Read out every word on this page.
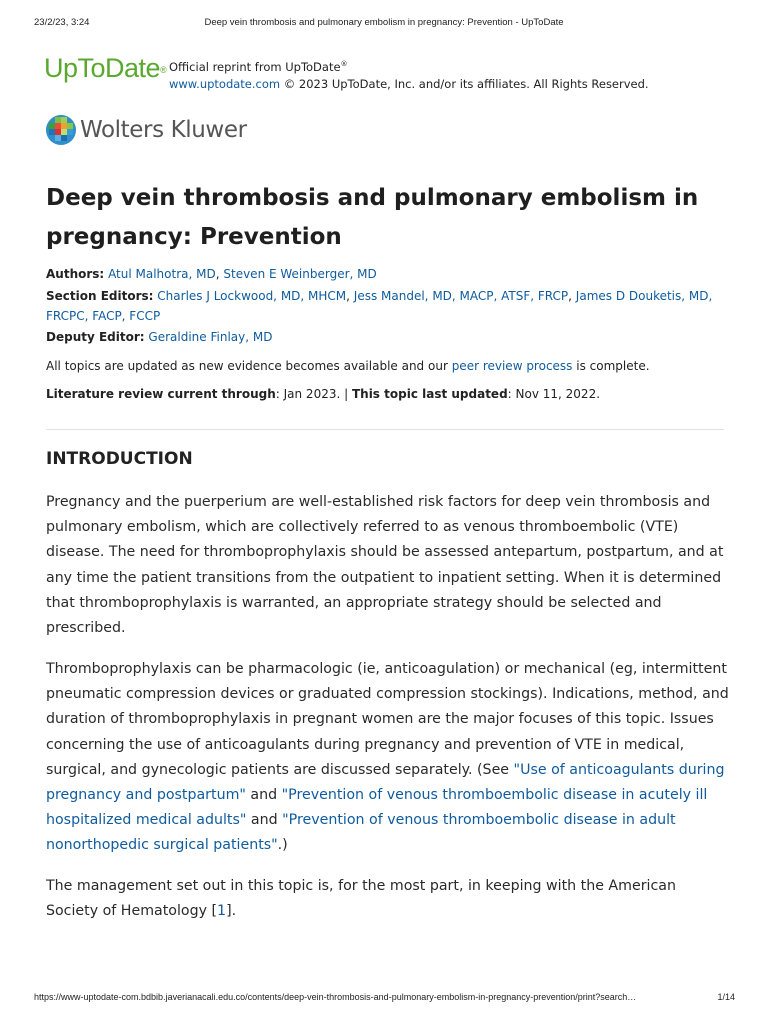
23/2/23, 3:24	Deep vein thrombosis and pulmonary embolism in pregnancy: Prevention - UpToDate
UpToDate® Official reprint from UpToDate®
www.uptodate.com © 2023 UpToDate, Inc. and/or its affiliates. All Rights Reserved.
Wolters Kluwer
Deep vein thrombosis and pulmonary embolism in pregnancy: Prevention
Authors: Atul Malhotra, MD, Steven E Weinberger, MD
Section Editors: Charles J Lockwood, MD, MHCM, Jess Mandel, MD, MACP, ATSF, FRCP, James D Douketis, MD, FRCPC, FACP, FCCP
Deputy Editor: Geraldine Finlay, MD
All topics are updated as new evidence becomes available and our peer review process is complete.
Literature review current through: Jan 2023. | This topic last updated: Nov 11, 2022.
INTRODUCTION

Pregnancy and the puerperium are well-established risk factors for deep vein thrombosis and pulmonary embolism, which are collectively referred to as venous thromboembolic (VTE) disease. The need for thromboprophylaxis should be assessed antepartum, postpartum, and at any time the patient transitions from the outpatient to inpatient setting. When it is determined that thromboprophylaxis is warranted, an appropriate strategy should be selected and prescribed.

Thromboprophylaxis can be pharmacologic (ie, anticoagulation) or mechanical (eg, intermittent pneumatic compression devices or graduated compression stockings). Indications, method, and duration of thromboprophylaxis in pregnant women are the major focuses of this topic. Issues concerning the use of anticoagulants during pregnancy and prevention of VTE in medical, surgical, and gynecologic patients are discussed separately. (See "Use of anticoagulants during pregnancy and postpartum" and "Prevention of venous thromboembolic disease in acutely ill hospitalized medical adults" and "Prevention of venous thromboembolic disease in adult nonorthopedic surgical patients".)

The management set out in this topic is, for the most part, in keeping with the American Society of Hematology [1].

https://www-uptodate-com.bdbib.javerianacali.edu.co/contents/deep-vein-thrombosis-and-pulmonary-embolism-in-pregnancy-prevention/print?search…	1/14
